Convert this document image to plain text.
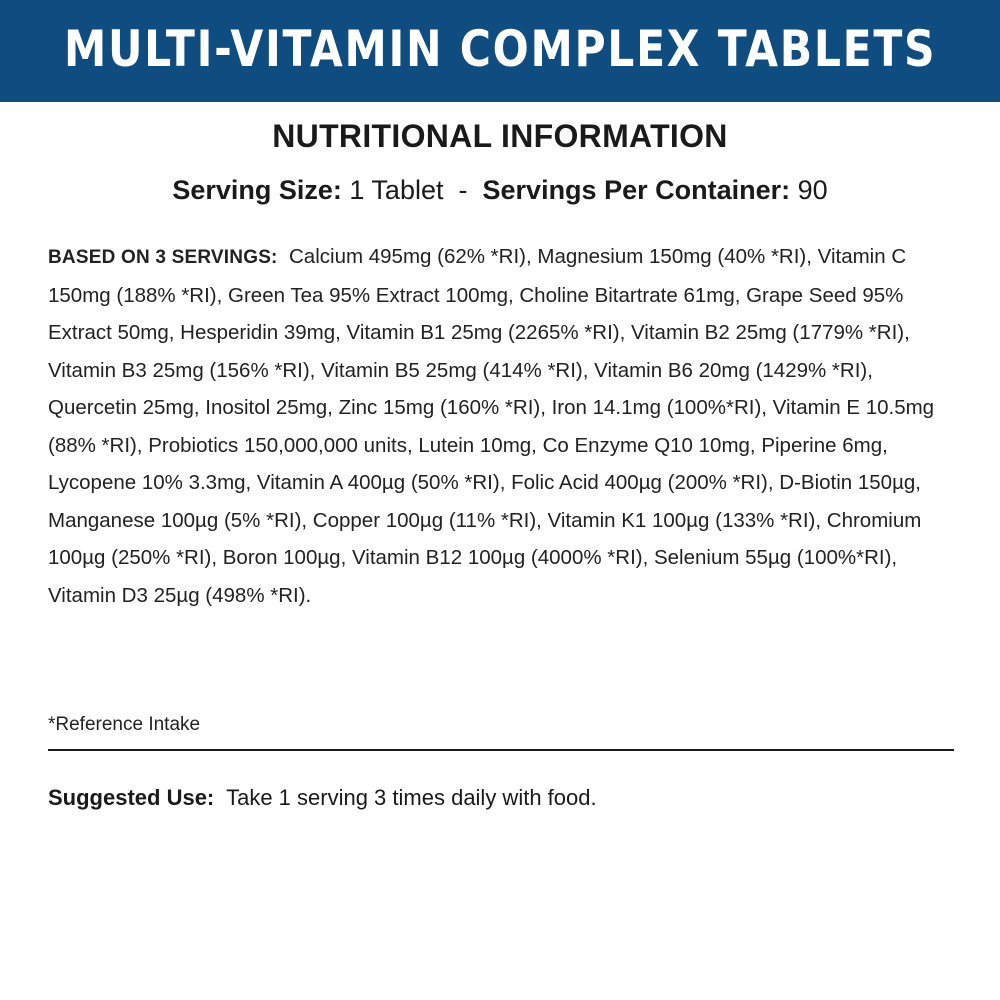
MULTI-VITAMIN COMPLEX TABLETS
NUTRITIONAL INFORMATION
Serving Size: 1 Tablet - Servings Per Container: 90

BASED ON 3 SERVINGS: Calcium 495mg (62% *RI), Magnesium 150mg (40% *RI), Vitamin C 150mg (188% *RI), Green Tea 95% Extract 100mg, Choline Bitartrate 61mg, Grape Seed 95% Extract 50mg, Hesperidin 39mg, Vitamin B1 25mg (2265% *RI), Vitamin B2 25mg (1779% *RI), Vitamin B3 25mg (156% *RI), Vitamin B5 25mg (414% *RI), Vitamin B6 20mg (1429% *RI), Quercetin 25mg, Inositol 25mg, Zinc 15mg (160% *RI), Iron 14.1mg (100%*RI), Vitamin E 10.5mg (88% *RI), Probiotics 150,000,000 units, Lutein 10mg, Co Enzyme Q10 10mg, Piperine 6mg, Lycopene 10% 3.3mg, Vitamin A 400µg (50% *RI), Folic Acid 400µg (200% *RI), D-Biotin 150µg, Manganese 100µg (5% *RI), Copper 100µg (11% *RI), Vitamin K1 100µg (133% *RI), Chromium 100µg (250% *RI), Boron 100µg, Vitamin B12 100µg (4000% *RI), Selenium 55µg (100%*RI), Vitamin D3 25µg (498% *RI).

*Reference Intake
Suggested Use: Take 1 serving 3 times daily with food.
